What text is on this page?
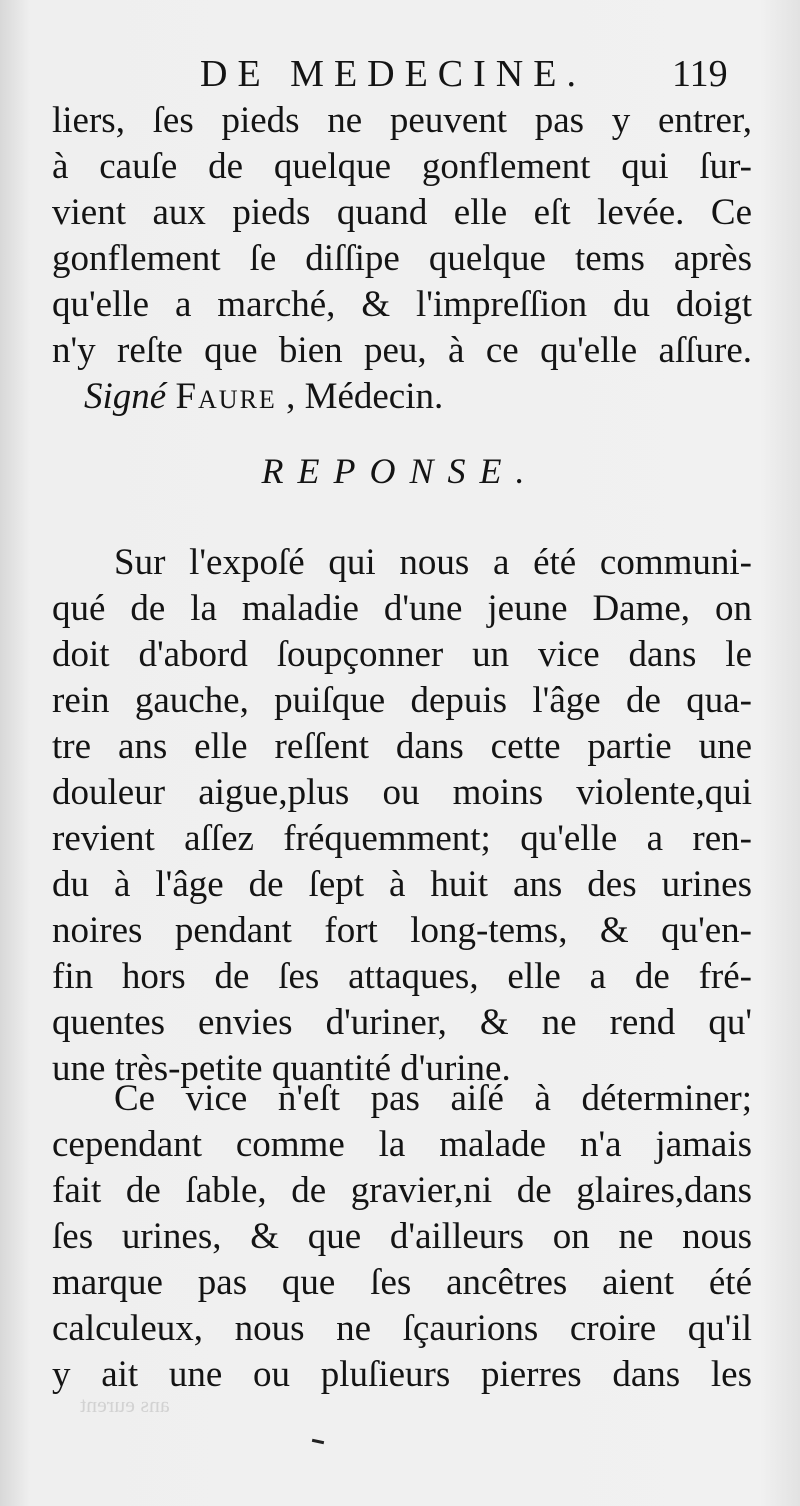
DE MEDECINE. 119
liers, ſes pieds ne peuvent pas y entrer,
à cauſe de quelque gonflement qui ſur-
vient aux pieds quand elle eſt levée. Ce
gonflement ſe diſſipe quelque tems après
qu'elle a marché, & l'impreſſion du doigt
n'y reſte que bien peu, à ce qu'elle aſſure.
Signé Faure , Médecin.
REPONSE.
Sur l'expoſé qui nous a été communi-
qué de la maladie d'une jeune Dame, on
doit d'abord ſoupçonner un vice dans le
rein gauche, puiſque depuis l'âge de qua-
tre ans elle reſſent dans cette partie une
douleur aigue,plus ou moins violente,qui
revient aſſez fréquemment; qu'elle a ren-
du à l'âge de ſept à huit ans des urines
noires pendant fort long-tems, & qu'en-
fin hors de ſes attaques, elle a de fré-
quentes envies d'uriner, & ne rend qu'
une très-petite quantité d'urine.
Ce vice n'eſt pas aiſé à déterminer;
cependant comme la malade n'a jamais
fait de ſable, de gravier,ni de glaires,dans
ſes urines, & que d'ailleurs on ne nous
marque pas que ſes ancêtres aient été
calculeux, nous ne ſçaurions croire qu'il
y ait une ou pluſieurs pierres dans les
ans eurent
